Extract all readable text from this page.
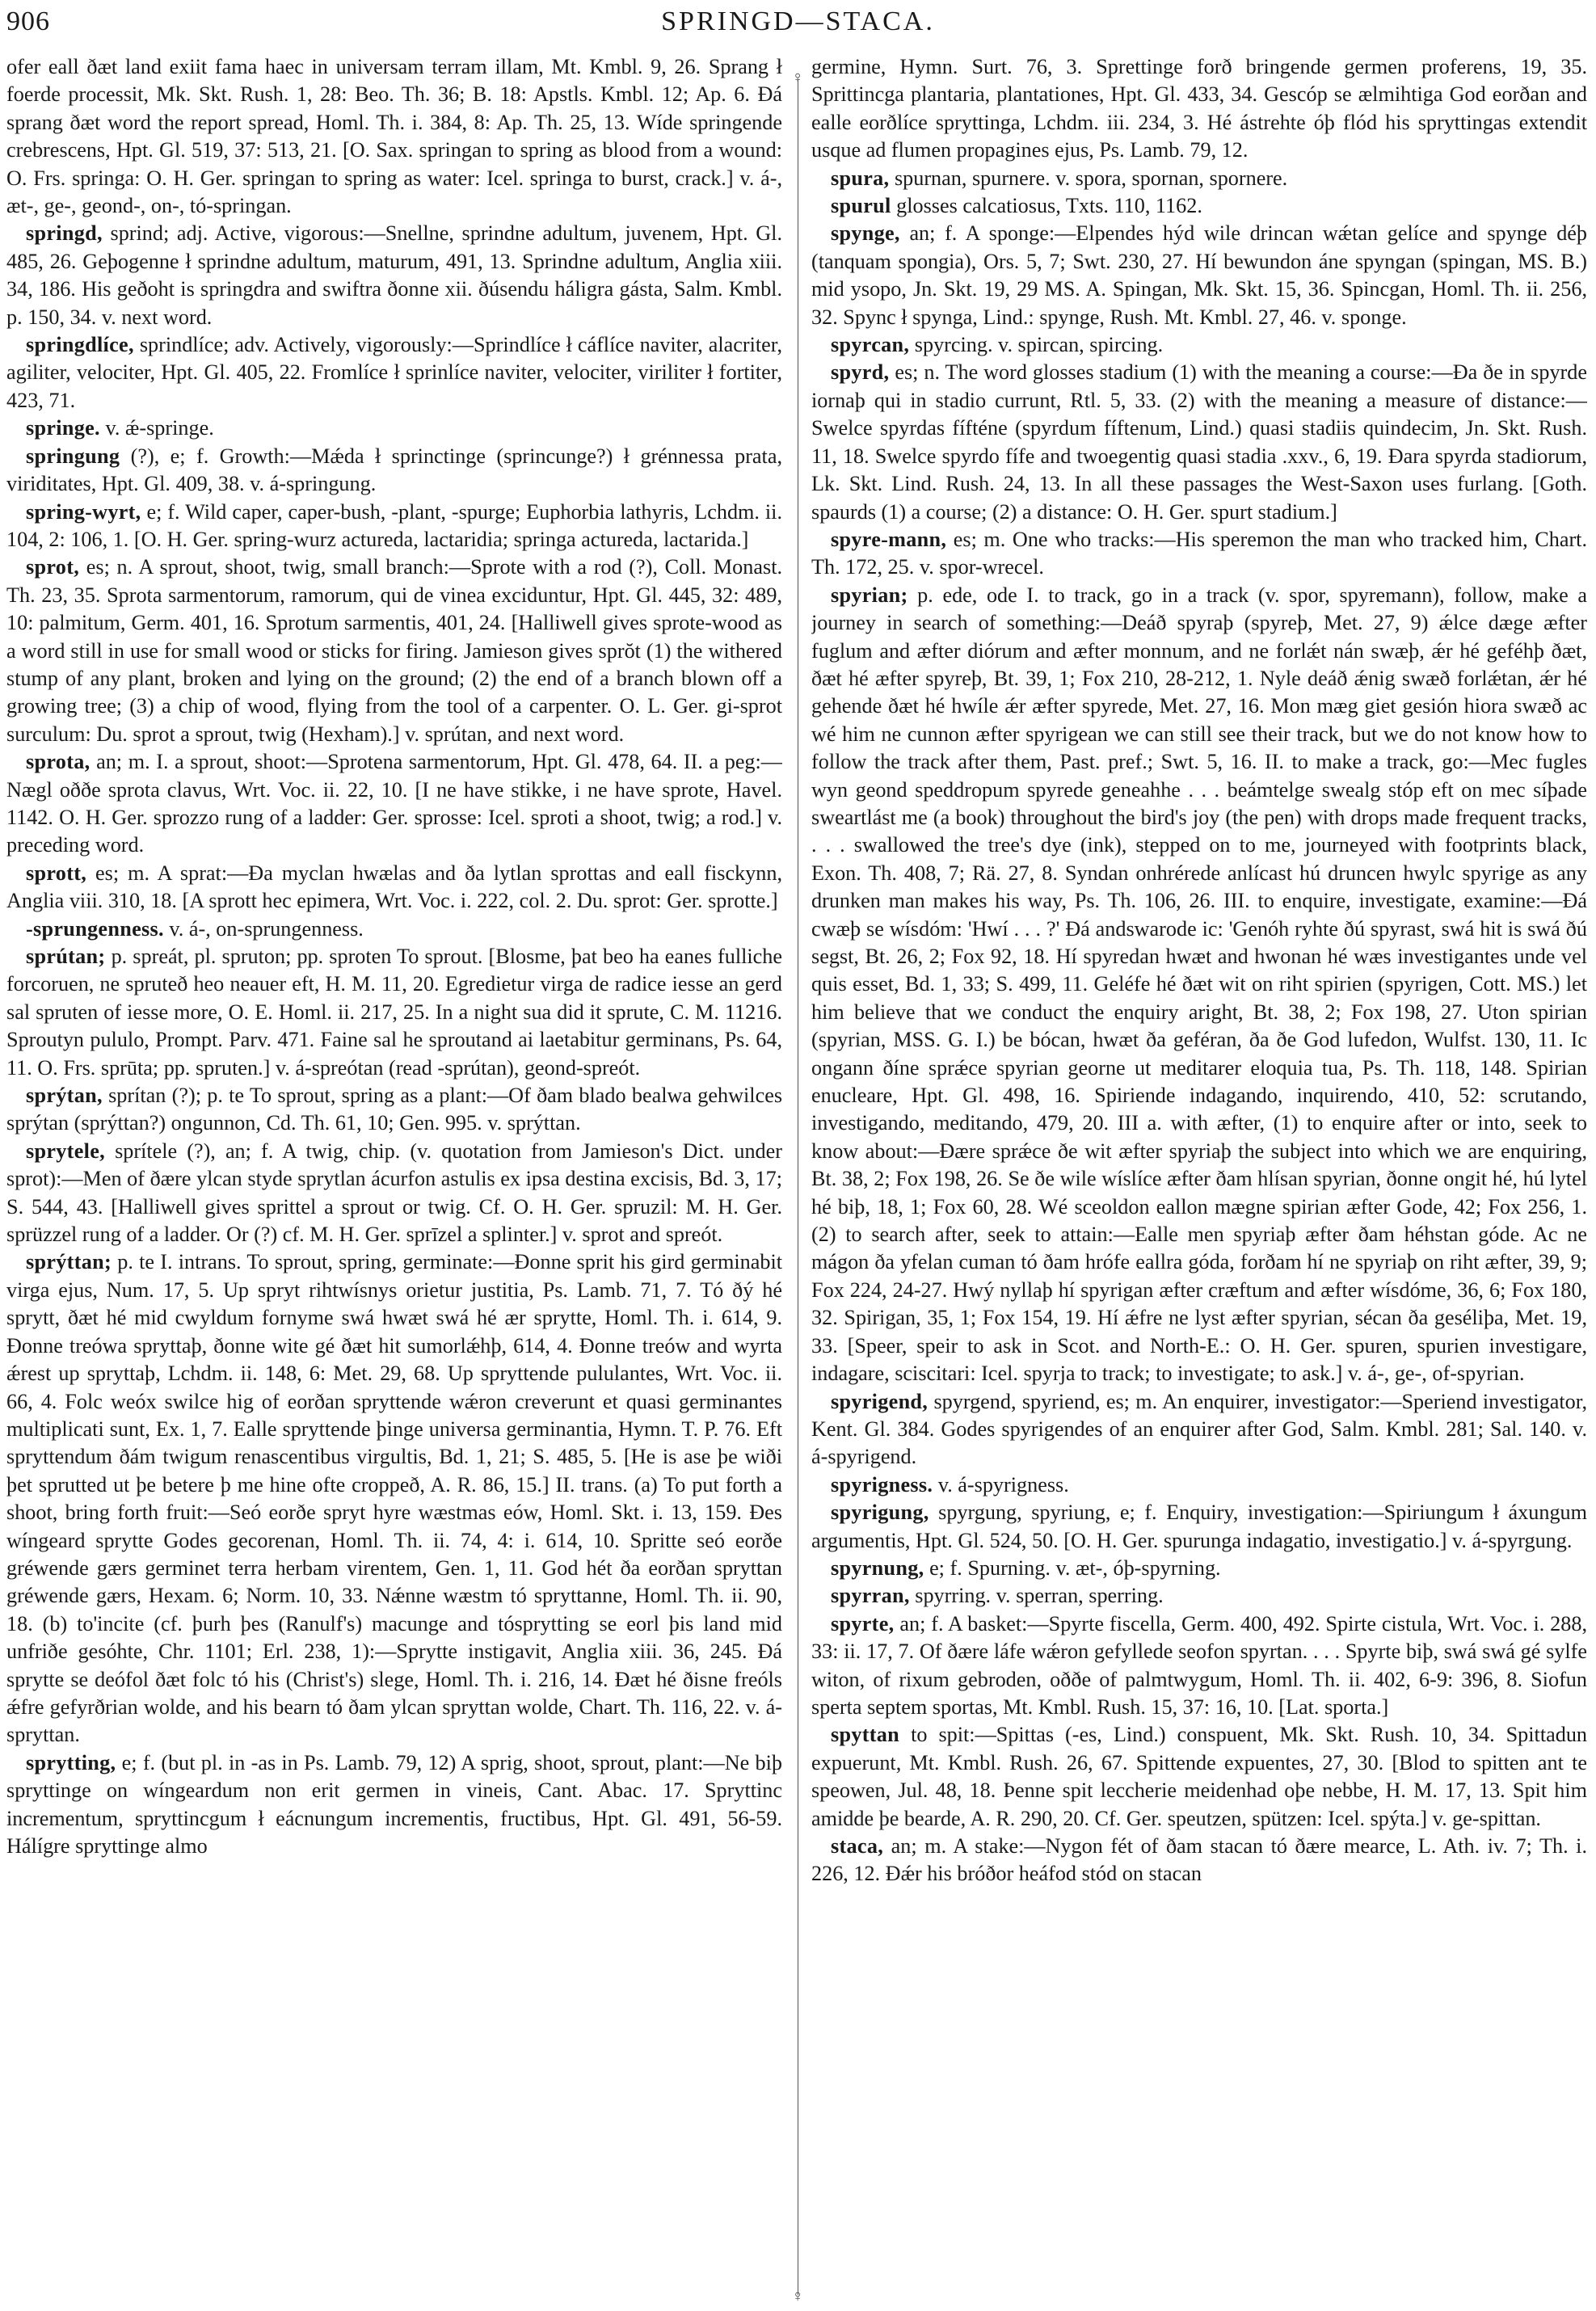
906	SPRINGD—STACA.
♀
♀

ofer eall ðæt land exiit fama haec in universam terram illam, Mt. Kmbl. 9, 26. Sprang ł foerde processit, Mk. Skt. Rush. 1, 28: Beo. Th. 36; B. 18: Apstls. Kmbl. 12; Ap. 6. Ðá sprang ðæt word the report spread, Homl. Th. i. 384, 8: Ap. Th. 25, 13. Wíde springende crebrescens, Hpt. Gl. 519, 37: 513, 21. [O. Sax. springan to spring as blood from a wound: O. Frs. springa: O. H. Ger. springan to spring as water: Icel. springa to burst, crack.] v. á-, æt-, ge-, geond-, on-, tó-springan.

springd, sprind; adj. Active, vigorous:—Snellne, sprindne adultum, juvenem, Hpt. Gl. 485, 26. Geþogenne ł sprindne adultum, maturum, 491, 13. Sprindne adultum, Anglia xiii. 34, 186. His geðoht is springdra and swiftra ðonne xii. ðúsendu háligra gásta, Salm. Kmbl. p. 150, 34. v. next word.

springdlíce, sprindlíce; adv. Actively, vigorously:—Sprindlíce ł cáflíce naviter, alacriter, agiliter, velociter, Hpt. Gl. 405, 22. Fromlíce ł sprinlíce naviter, velociter, viriliter ł fortiter, 423, 71.

springe. v. ǽ-springe.

springung (?), e; f. Growth:—Mǽda ł sprinctinge (sprincunge?) ł grénnessa prata, viriditates, Hpt. Gl. 409, 38. v. á-springung.

spring-wyrt, e; f. Wild caper, caper-bush, -plant, -spurge; Euphorbia lathyris, Lchdm. ii. 104, 2: 106, 1. [O. H. Ger. spring-wurz actureda, lactaridia; springa actureda, lactarida.]

sprot, es; n. A sprout, shoot, twig, small branch:—Sprote with a rod (?), Coll. Monast. Th. 23, 35. Sprota sarmentorum, ramorum, qui de vinea exciduntur, Hpt. Gl. 445, 32: 489, 10: palmitum, Germ. 401, 16. Sprotum sarmentis, 401, 24. [Halliwell gives sprote-wood as a word still in use for small wood or sticks for firing. Jamieson gives sprŏt (1) the withered stump of any plant, broken and lying on the ground; (2) the end of a branch blown off a growing tree; (3) a chip of wood, flying from the tool of a carpenter. O. L. Ger. gi-sprot surculum: Du. sprot a sprout, twig (Hexham).] v. sprútan, and next word.

sprota, an; m. I. a sprout, shoot:—Sprotena sarmentorum, Hpt. Gl. 478, 64. II. a peg:—Nægl oððe sprota clavus, Wrt. Voc. ii. 22, 10. [I ne have stikke, i ne have sprote, Havel. 1142. O. H. Ger. sprozzo rung of a ladder: Ger. sprosse: Icel. sproti a shoot, twig; a rod.] v. preceding word.

sprott, es; m. A sprat:—Ða myclan hwælas and ða lytlan sprottas and eall fisckynn, Anglia viii. 310, 18. [A sprott hec epimera, Wrt. Voc. i. 222, col. 2. Du. sprot: Ger. sprotte.]

-sprungenness. v. á-, on-sprungenness.

sprútan; p. spreát, pl. spruton; pp. sproten To sprout. [Blosme, þat beo ha eanes fulliche forcoruen, ne spruteð heo neauer eft, H. M. 11, 20. Egredietur virga de radice iesse an gerd sal spruten of iesse more, O. E. Homl. ii. 217, 25. In a night sua did it sprute, C. M. 11216. Sproutyn pululo, Prompt. Parv. 471. Faine sal he sproutand ai laetabitur germinans, Ps. 64, 11. O. Frs. sprūta; pp. spruten.] v. á-spreótan (read -sprútan), geond-spreót.

sprýtan, sprítan (?); p. te To sprout, spring as a plant:—Of ðam blado bealwa gehwilces sprýtan (sprýttan?) ongunnon, Cd. Th. 61, 10; Gen. 995. v. sprýttan.

sprytele, sprítele (?), an; f. A twig, chip. (v. quotation from Jamieson's Dict. under sprot):—Men of ðære ylcan styde sprytlan ácurfon astulis ex ipsa destina excisis, Bd. 3, 17; S. 544, 43. [Halliwell gives sprittel a sprout or twig. Cf. O. H. Ger. spruzil: M. H. Ger. sprüzzel rung of a ladder. Or (?) cf. M. H. Ger. sprīzel a splinter.] v. sprot and spreót.

sprýttan; p. te I. intrans. To sprout, spring, germinate:—Ðonne sprit his gird germinabit virga ejus, Num. 17, 5. Up spryt rihtwísnys orietur justitia, Ps. Lamb. 71, 7. Tó ðý hé sprytt, ðæt hé mid cwyldum fornyme swá hwæt swá hé ær sprytte, Homl. Th. i. 614, 9. Ðonne treówa spryttaþ, ðonne wite gé ðæt hit sumorlǽhþ, 614, 4. Ðonne treów and wyrta ǽrest up spryttaþ, Lchdm. ii. 148, 6: Met. 29, 68. Up spryttende pululantes, Wrt. Voc. ii. 66, 4. Folc weóx swilce hig of eorðan spryttende wǽron creverunt et quasi germinantes multiplicati sunt, Ex. 1, 7. Ealle spryttende þinge universa germinantia, Hymn. T. P. 76. Eft spryttendum ðám twigum renascentibus virgultis, Bd. 1, 21; S. 485, 5. [He is ase þe wiði þet sprutted ut þe betere þ me hine ofte croppeð, A. R. 86, 15.] II. trans. (a) To put forth a shoot, bring forth fruit:—Seó eorðe spryt hyre wæstmas eów, Homl. Skt. i. 13, 159. Ðes wíngeard sprytte Godes gecorenan, Homl. Th. ii. 74, 4: i. 614, 10. Spritte seó eorðe gréwende gærs germinet terra herbam virentem, Gen. 1, 11. God hét ða eorðan spryttan gréwende gærs, Hexam. 6; Norm. 10, 33. Nǽnne wæstm tó spryttanne, Homl. Th. ii. 90, 18. (b) to'incite (cf. þurh þes (Ranulf's) macunge and tósprytting se eorl þis land mid unfriðe gesóhte, Chr. 1101; Erl. 238, 1):—Sprytte instigavit, Anglia xiii. 36, 245. Ðá sprytte se deófol ðæt folc tó his (Christ's) slege, Homl. Th. i. 216, 14. Ðæt hé ðisne freóls ǽfre gefyrðrian wolde, and his bearn tó ðam ylcan spryttan wolde, Chart. Th. 116, 22. v. á-spryttan.

sprytting, e; f. (but pl. in -as in Ps. Lamb. 79, 12) A sprig, shoot, sprout, plant:—Ne biþ spryttinge on wíngeardum non erit germen in vineis, Cant. Abac. 17. Spryttinc incrementum, spryttincgum ł eácnungum incrementis, fructibus, Hpt. Gl. 491, 56-59. Hálígre spryttinge almo

germine, Hymn. Surt. 76, 3. Sprettinge forð bringende germen proferens, 19, 35. Sprittincga plantaria, plantationes, Hpt. Gl. 433, 34. Gescóp se ælmihtiga God eorðan and ealle eorðlíce spryttinga, Lchdm. iii. 234, 3. Hé ástrehte óþ flód his spryttingas extendit usque ad flumen propagines ejus, Ps. Lamb. 79, 12.

spura, spurnan, spurnere. v. spora, spornan, spornere.

spurul glosses calcatiosus, Txts. 110, 1162.

spynge, an; f. A sponge:—Elpendes hýd wile drincan wǽtan gelíce and spynge déþ (tanquam spongia), Ors. 5, 7; Swt. 230, 27. Hí bewundon áne spyngan (spingan, MS. B.) mid ysopo, Jn. Skt. 19, 29 MS. A. Spingan, Mk. Skt. 15, 36. Spincgan, Homl. Th. ii. 256, 32. Spync ł spynga, Lind.: spynge, Rush. Mt. Kmbl. 27, 46. v. sponge.

spyrcan, spyrcing. v. spircan, spircing.

spyrd, es; n. The word glosses stadium (1) with the meaning a course:—Ða ðe in spyrde iornaþ qui in stadio currunt, Rtl. 5, 33. (2) with the meaning a measure of distance:—Swelce spyrdas fífténe (spyrdum fíftenum, Lind.) quasi stadiis quindecim, Jn. Skt. Rush. 11, 18. Swelce spyrdo fífe and twoegentig quasi stadia .xxv., 6, 19. Ðara spyrda stadiorum, Lk. Skt. Lind. Rush. 24, 13. In all these passages the West-Saxon uses furlang. [Goth. spaurds (1) a course; (2) a distance: O. H. Ger. spurt stadium.]

spyre-mann, es; m. One who tracks:—His speremon the man who tracked him, Chart. Th. 172, 25. v. spor-wrecel.

spyrian; p. ede, ode I. to track, go in a track (v. spor, spyremann), follow, make a journey in search of something:—Deáð spyraþ (spyreþ, Met. 27, 9) ǽlce dæge æfter fuglum and æfter diórum and æfter monnum, and ne forlǽt nán swæþ, ǽr hé geféhþ ðæt, ðæt hé æfter spyreþ, Bt. 39, 1; Fox 210, 28-212, 1. Nyle deáð ǽnig swæð forlǽtan, ǽr hé gehende ðæt hé hwíle ǽr æfter spyrede, Met. 27, 16. Mon mæg giet gesión hiora swæð ac wé him ne cunnon æfter spyrigean we can still see their track, but we do not know how to follow the track after them, Past. pref.; Swt. 5, 16. II. to make a track, go:—Mec fugles wyn geond speddropum spyrede geneahhe . . . beámtelge swealg stóp eft on mec síþade sweartlást me (a book) throughout the bird's joy (the pen) with drops made frequent tracks, . . . swallowed the tree's dye (ink), stepped on to me, journeyed with footprints black, Exon. Th. 408, 7; Rä. 27, 8. Syndan onhrérede anlícast hú druncen hwylc spyrige as any drunken man makes his way, Ps. Th. 106, 26. III. to enquire, investigate, examine:—Ðá cwæþ se wísdóm: 'Hwí . . . ?' Ðá andswarode ic: 'Genóh ryhte ðú spyrast, swá hit is swá ðú segst, Bt. 26, 2; Fox 92, 18. Hí spyredan hwæt and hwonan hé wæs investigantes unde vel quis esset, Bd. 1, 33; S. 499, 11. Geléfe hé ðæt wit on riht spirien (spyrigen, Cott. MS.) let him believe that we conduct the enquiry aright, Bt. 38, 2; Fox 198, 27. Uton spirian (spyrian, MSS. G. I.) be bócan, hwæt ða geféran, ða ðe God lufedon, Wulfst. 130, 11. Ic ongann ðíne sprǽce spyrian georne ut meditarer eloquia tua, Ps. Th. 118, 148. Spirian enucleare, Hpt. Gl. 498, 16. Spiriende indagando, inquirendo, 410, 52: scrutando, investigando, meditando, 479, 20. III a. with æfter, (1) to enquire after or into, seek to know about:—Ðære sprǽce ðe wit æfter spyriaþ the subject into which we are enquiring, Bt. 38, 2; Fox 198, 26. Se ðe wile wíslíce æfter ðam hlísan spyrian, ðonne ongit hé, hú lytel hé biþ, 18, 1; Fox 60, 28. Wé sceoldon eallon mægne spirian æfter Gode, 42; Fox 256, 1. (2) to search after, seek to attain:—Ealle men spyriaþ æfter ðam héhstan góde. Ac ne mágon ða yfelan cuman tó ðam hrófe eallra góda, forðam hí ne spyriaþ on riht æfter, 39, 9; Fox 224, 24-27. Hwý nyllaþ hí spyrigan æfter cræftum and æfter wísdóme, 36, 6; Fox 180, 32. Spirigan, 35, 1; Fox 154, 19. Hí ǽfre ne lyst æfter spyrian, sécan ða geséliþa, Met. 19, 33. [Speer, speir to ask in Scot. and North-E.: O. H. Ger. spuren, spurien investigare, indagare, sciscitari: Icel. spyrja to track; to investigate; to ask.] v. á-, ge-, of-spyrian.

spyrigend, spyrgend, spyriend, es; m. An enquirer, investigator:—Speriend investigator, Kent. Gl. 384. Godes spyrigendes of an enquirer after God, Salm. Kmbl. 281; Sal. 140. v. á-spyrigend.

spyrigness. v. á-spyrigness.

spyrigung, spyrgung, spyriung, e; f. Enquiry, investigation:—Spiriungum ł áxungum argumentis, Hpt. Gl. 524, 50. [O. H. Ger. spurunga indagatio, investigatio.] v. á-spyrgung.

spyrnung, e; f. Spurning. v. æt-, óþ-spyrning.

spyrran, spyrring. v. sperran, sperring.

spyrte, an; f. A basket:—Spyrte fiscella, Germ. 400, 492. Spirte cistula, Wrt. Voc. i. 288, 33: ii. 17, 7. Of ðære láfe wǽron gefyllede seofon spyrtan. . . . Spyrte biþ, swá swá gé sylfe witon, of rixum gebroden, oððe of palmtwygum, Homl. Th. ii. 402, 6-9: 396, 8. Siofun sperta septem sportas, Mt. Kmbl. Rush. 15, 37: 16, 10. [Lat. sporta.]

spyttan to spit:—Spittas (-es, Lind.) conspuent, Mk. Skt. Rush. 10, 34. Spittadun expuerunt, Mt. Kmbl. Rush. 26, 67. Spittende expuentes, 27, 30. [Blod to spitten ant te speowen, Jul. 48, 18. Þenne spit leccherie meidenhad oþe nebbe, H. M. 17, 13. Spit him amidde þe bearde, A. R. 290, 20. Cf. Ger. speutzen, spützen: Icel. spýta.] v. ge-spittan.

staca, an; m. A stake:—Nygon fét of ðam stacan tó ðære mearce, L. Ath. iv. 7; Th. i. 226, 12. Ðǽr his bróðor heáfod stód on stacan
